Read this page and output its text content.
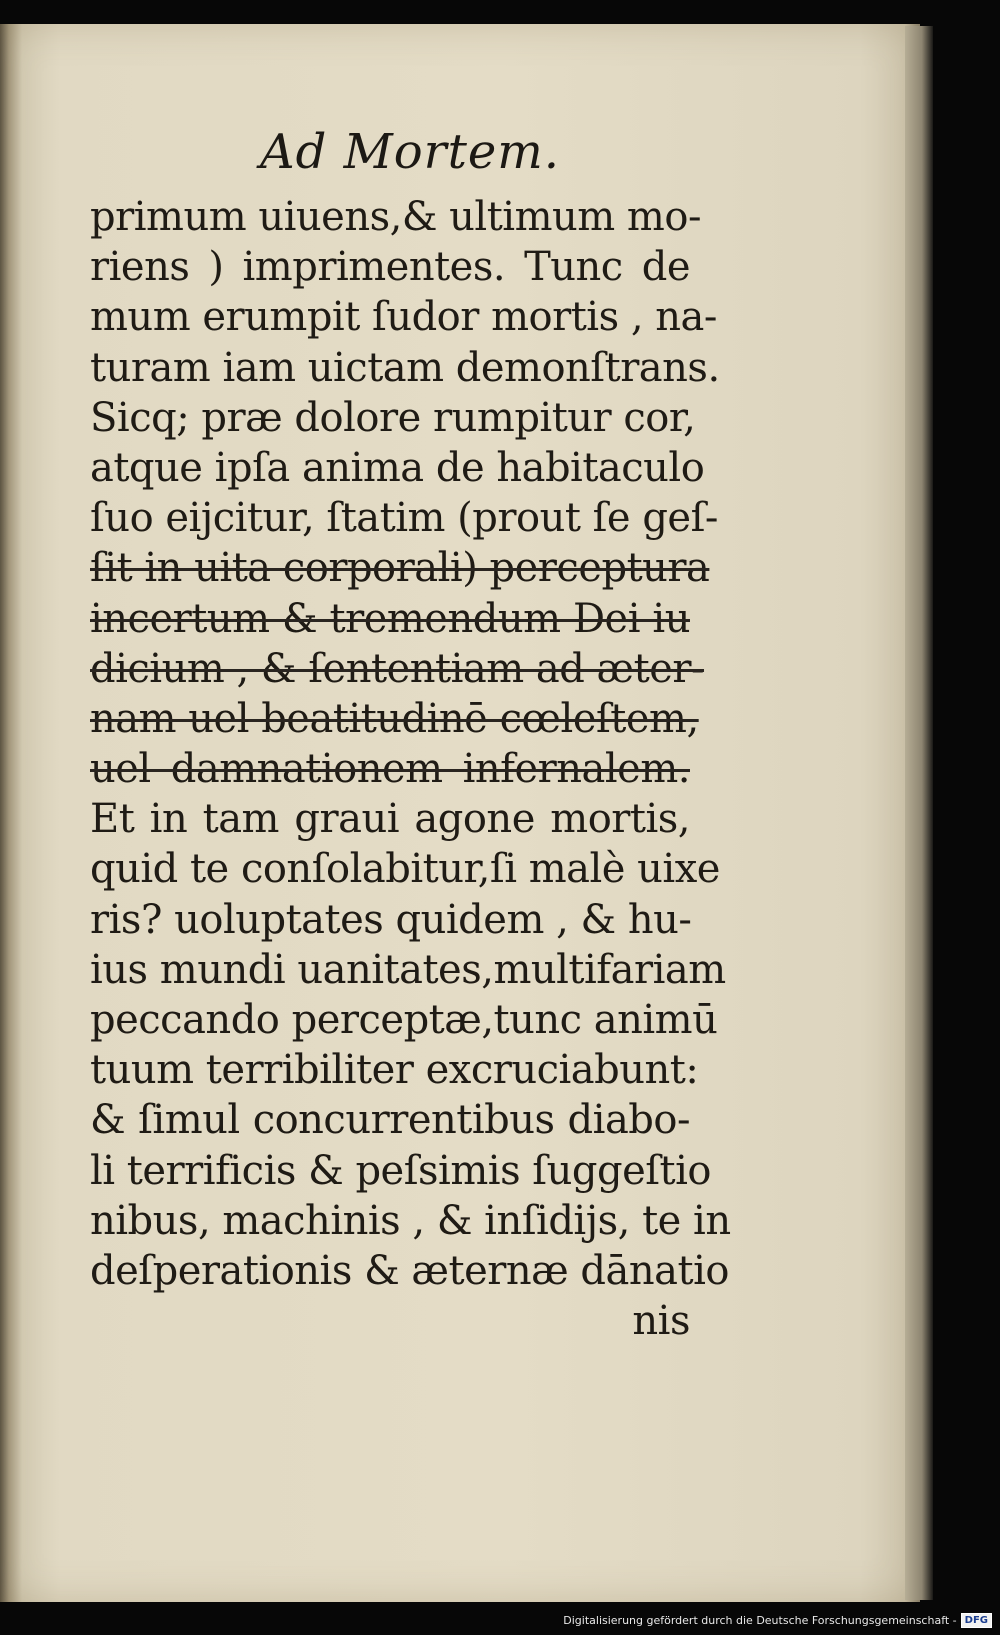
Ad Mortem.
primum uiuens,& ultimum mo-
riens ) imprimentes. Tunc de
mum erumpit ſudor mortis , na-
turam iam uictam demonſtrans.
Sicq; præ dolore rumpitur cor,
atque ipſa anima de habitaculo
ſuo eijcitur, ſtatim (prout ſe geſ-
ſit in uita corporali) perceptura
incertum & tremendum Dei iu
dicium , & ſententiam ad æter-
nam uel beatitudinē cœleſtem,
uel damnationem infernalem.
Et in tam graui agone mortis,
quid te conſolabitur,ſi malè uixe
ris? uoluptates quidem , & hu-
ius mundi uanitates,multifariam
peccando perceptæ,tunc animū
tuum terribiliter excruciabunt:
& ſimul concurrentibus diabo-
li terrificis & peſsimis ſuggeſtio
nibus, machinis , & inſidijs, te in
deſperationis & æternæ dānatio
nis
Digitalisierung gefördert durch die Deutsche Forschungsgemeinschaft - DFG
